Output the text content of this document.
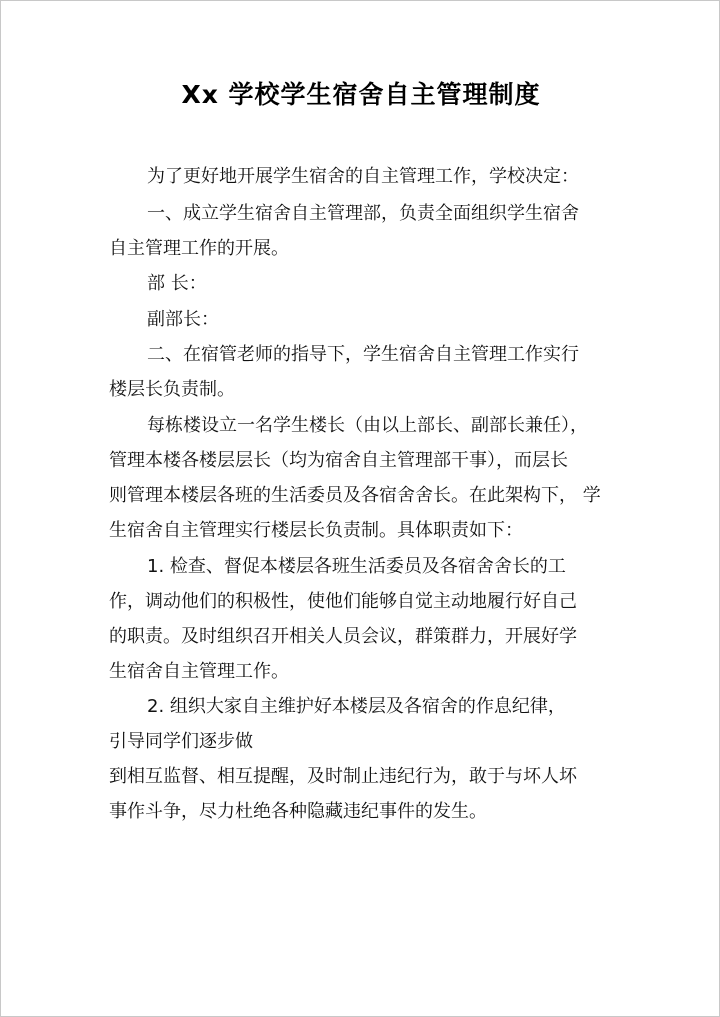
Xx 学校学生宿舍自主管理制度
为了更好地开展学生宿舍的自主管理工作，学校决定：
一、成立学生宿舍自主管理部，负责全面组织学生宿舍
自主管理工作的开展。
部 长：
副部长：
二、在宿管老师的指导下，学生宿舍自主管理工作实行
楼层长负责制。
每栋楼设立一名学生楼长（由以上部长、副部长兼任），
管理本楼各楼层层长（均为宿舍自主管理部干事），而层长
则管理本楼层各班的生活委员及各宿舍舍长。在此架构下， 学
生宿舍自主管理实行楼层长负责制。具体职责如下：
1. 检查、督促本楼层各班生活委员及各宿舍舍长的工
作，调动他们的积极性，使他们能够自觉主动地履行好自己
的职责。及时组织召开相关人员会议，群策群力，开展好学
生宿舍自主管理工作。
2. 组织大家自主维护好本楼层及各宿舍的作息纪律，
引导同学们逐步做
到相互监督、相互提醒，及时制止违纪行为，敢于与坏人坏
事作斗争，尽力杜绝各种隐藏违纪事件的发生。
